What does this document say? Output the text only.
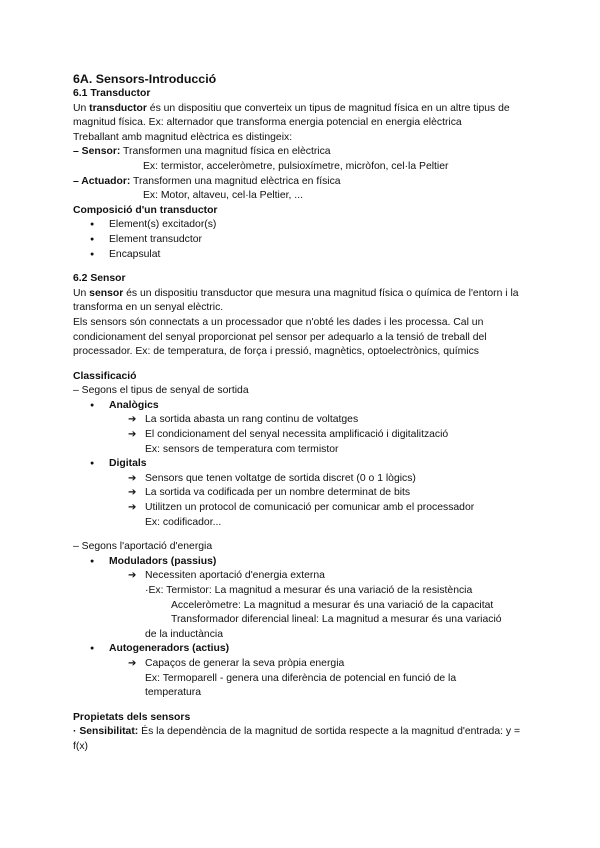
6A. Sensors-Introducció
6.1 Transductor

Un transductor és un dispositiu que converteix un tipus de magnitud física en un altre tipus de magnitud física. Ex: alternador que transforma energia potencial en energia elèctrica

Treballant amb magnitud elèctrica es distingeix:

– Sensor: Transformen una magnitud física en elèctrica

Ex: termistor, acceleròmetre, pulsioxímetre, micròfon, cel·la Peltier

– Actuador: Transformen una magnitud elèctrica en física

Ex: Motor, altaveu, cel·la Peltier, ...

Composició d'un transductor
● Element(s) excitador(s)
● Element transudctor
● Encapsulat
6.2 Sensor

Un sensor és un dispositiu transductor que mesura una magnitud física o química de l'entorn i la transforma en un senyal elèctric.

Els sensors són connectats a un processador que n'obté les dades i les processa. Cal un condicionament del senyal proporcionat pel sensor per adequarlo a la tensió de treball del processador. Ex: de temperatura, de força i pressió, magnètics, optoelectrònics, químics

Classificació

– Segons el tipus de senyal de sortida

● Analògics
➔ La sortida abasta un rang continu de voltatges
➔ El condicionament del senyal necessita amplificació i digitalització
Ex: sensors de temperatura com termistor
● Digitals
➔ Sensors que tenen voltatge de sortida discret (0 o 1 lògics)
➔ La sortida va codificada per un nombre determinat de bits
➔ Utilitzen un protocol de comunicació per comunicar amb el processador
Ex: codificador...

– Segons l'aportació d'energia

● Moduladors (passius)
➔ Necessiten aportació d'energia externa
·Ex: Termistor: La magnitud a mesurar és una variació de la resistència
Acceleròmetre: La magnitud a mesurar és una variació de la capacitat
Transformador diferencial lineal: La magnitud a mesurar és una variació
de la inductància
● Autogeneradors (actius)
➔ Capaços de generar la seva pròpia energia
Ex: Termoparell - genera una diferència de potencial en funció de la
temperatura
Propietats dels sensors

· Sensibilitat: És la dependència de la magnitud de sortida respecte a la magnitud d'entrada: y = f(x)
